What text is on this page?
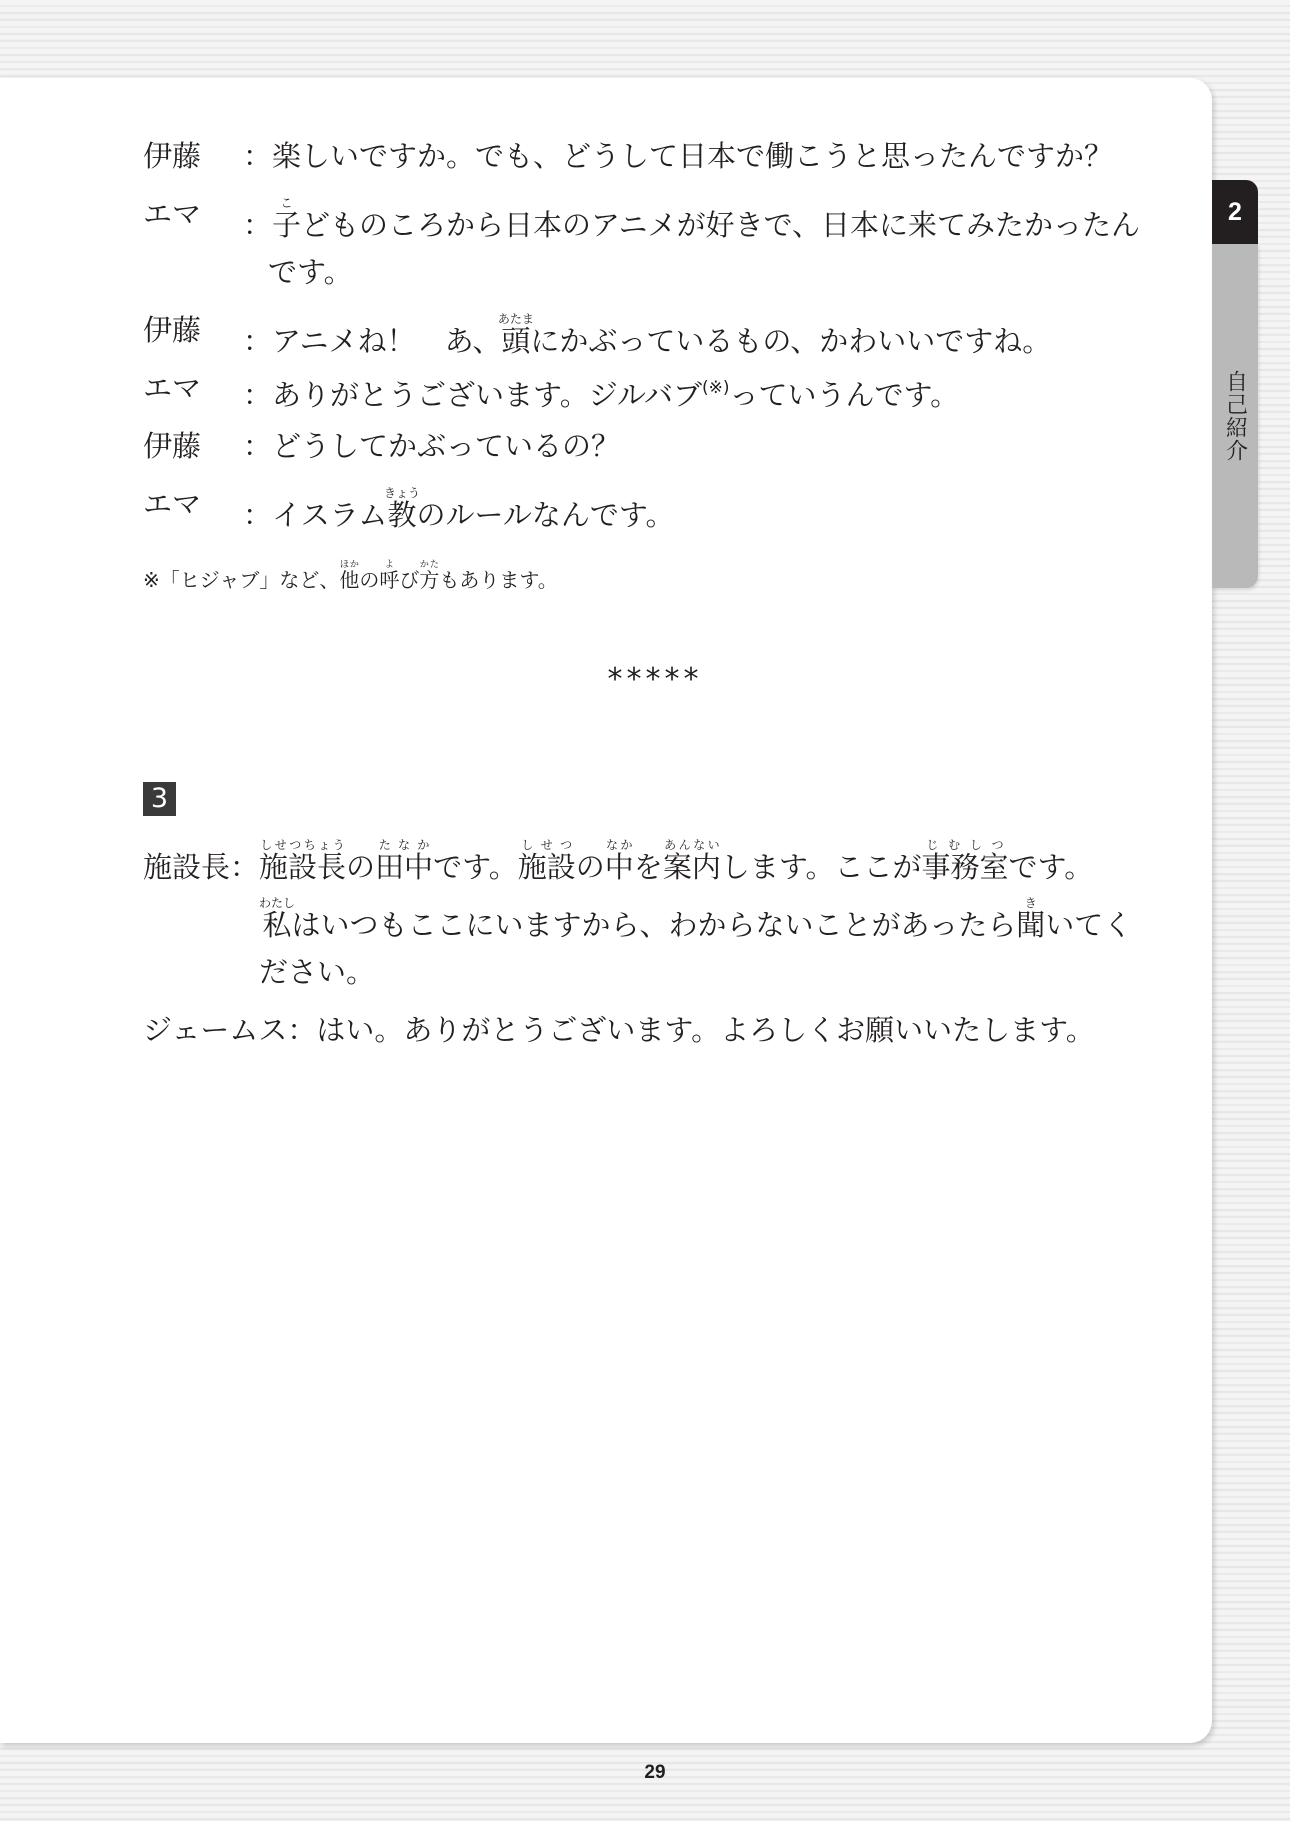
2
自己紹介
伊藤 ：楽しいですか。でも、どうして日本で働こうと思ったんですか？
エマ ：子こどものころから日本のアニメが好きで、日本に来てみたかったん
です。
伊藤 ：アニメね！　あ、頭あたまにかぶっているもの、かわいいですね。
エマ ：ありがとうございます。ジルバブ(※)っていうんです。
伊藤 ：どうしてかぶっているの？
エマ ：イスラム教きょうのルールなんです。
※「ヒジャブ」など、他ほかの呼よび方かたもあります。
*****
3
施設長：施設長しせつちょうの田中たなかです。施設しせつの中なかを案内あんないします。ここが事務室じむしつです。
私わたしはいつもここにいますから、わからないことがあったら聞きいてく
ださい。
ジェームス：はい。ありがとうございます。よろしくお願いいたします。
29
